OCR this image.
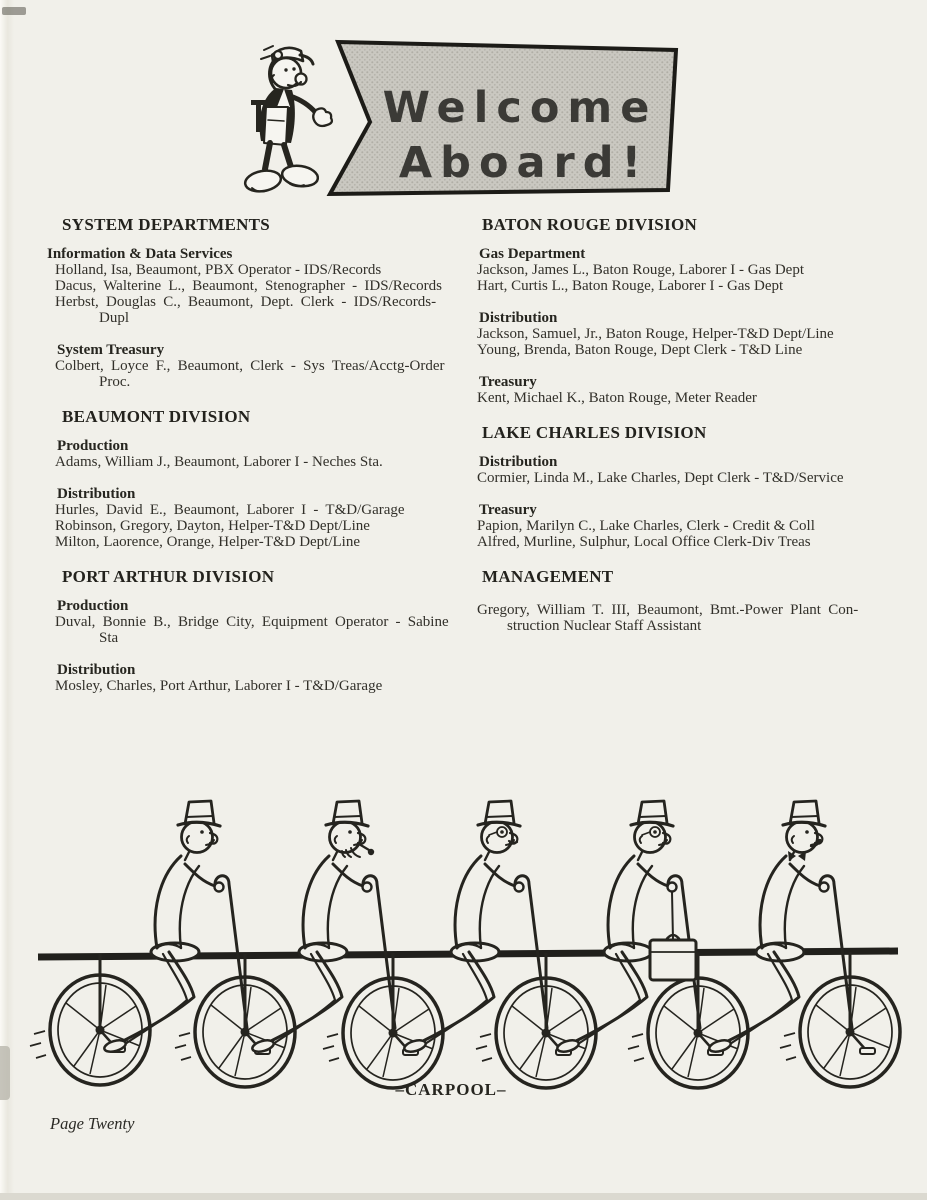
Welcome
Aboard!
SYSTEM DEPARTMENTS
Information & Data Services
Holland, Isa, Beaumont, PBX Operator - IDS/Records
Dacus, Walterine L., Beaumont, Stenographer - IDS/Records
Herbst, Douglas C., Beaumont, Dept. Clerk - IDS/Records-
Dupl
System Treasury
Colbert, Loyce F., Beaumont, Clerk - Sys Treas/Acctg-Order
Proc.
BEAUMONT DIVISION
Production
Adams, William J., Beaumont, Laborer I - Neches Sta.
Distribution
Hurles, David E., Beaumont, Laborer I - T&D/Garage
Robinson, Gregory, Dayton, Helper-T&D Dept/Line
Milton, Laorence, Orange, Helper-T&D Dept/Line
PORT ARTHUR DIVISION
Production
Duval, Bonnie B., Bridge City, Equipment Operator - Sabine
Sta
Distribution
Mosley, Charles, Port Arthur, Laborer I - T&D/Garage
BATON ROUGE DIVISION
Gas Department
Jackson, James L., Baton Rouge, Laborer I - Gas Dept
Hart, Curtis L., Baton Rouge, Laborer I - Gas Dept
Distribution
Jackson, Samuel, Jr., Baton Rouge, Helper-T&D Dept/Line
Young, Brenda, Baton Rouge, Dept Clerk - T&D Line
Treasury
Kent, Michael K., Baton Rouge, Meter Reader
LAKE CHARLES DIVISION
Distribution
Cormier, Linda M., Lake Charles, Dept Clerk - T&D/Service
Treasury
Papion, Marilyn C., Lake Charles, Clerk - Credit & Coll
Alfred, Murline, Sulphur, Local Office Clerk-Div Treas
MANAGEMENT
Gregory, William T. III, Beaumont, Bmt.-Power Plant Con-
struction Nuclear Staff Assistant
–CARPOOL–
Page Twenty
